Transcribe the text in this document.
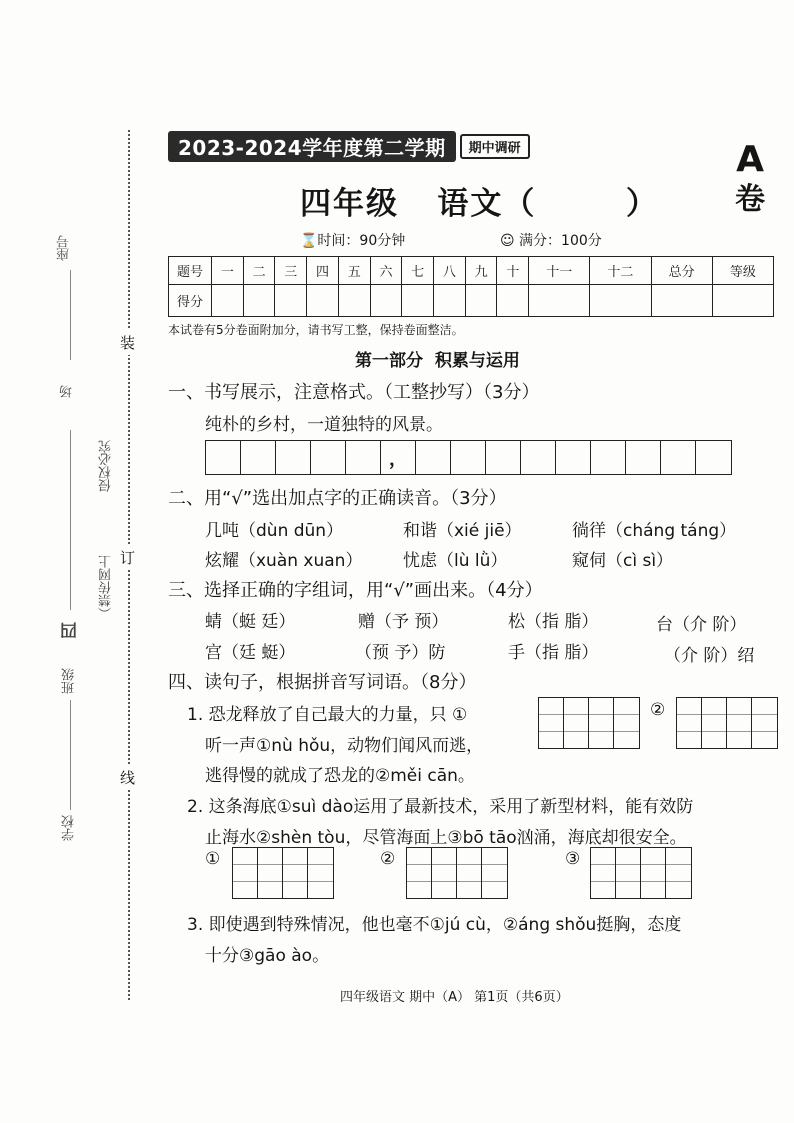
座号
场
侵权必究
（禁传网上
四
班级
学校
装
订
线
2023-2024学年度第二学期	期中调研	A
卷
四年级   语文（       ）
⌛时间：90分钟	☺ 满分：100分
题号	一	二	三	四	五	六	七	八	九	十	十一	十二	总分	等级
得分														
本试卷有5分卷面附加分，请书写工整，保持卷面整洁。
第一部分 积累与运用
一、书写展示，注意格式。（工整抄写）（3分）
纯朴的乡村，一道独特的风景。
，
二、用“√”选出加点字的正确读音。（3分）
几吨（dùn dūn）	和谐（xié jiē）	徜徉（cháng táng）
炫耀（xuàn xuan） 忧虑（lù lǜ）	窥伺（cì sì）
三、选择正确的字组词，用“√”画出来。（4分）
蜻（蜓 廷）	赠（予 预）	松（指 脂）	台（介 阶）
宫（廷 蜓）	（预 予）防	手（指 脂）	（介 阶）绍
四、读句子，根据拼音写词语。（8分）
1. 恐龙释放了自己最大的力量，只 ①
听一声①nù hǒu，动物们闻风而逃，
逃得慢的就成了恐龙的②měi cān。
②
2. 这条海底①suì dào运用了最新技术，采用了新型材料，能有效防
止海水②shèn tòu，尽管海面上③bō tāo汹涌，海底却很安全。
①	②	③
3. 即使遇到特殊情况，他也毫不①jú cù，②áng shǒu挺胸，态度
十分③gāo ào。
四年级语文 期中（A） 第1页（共6页）
